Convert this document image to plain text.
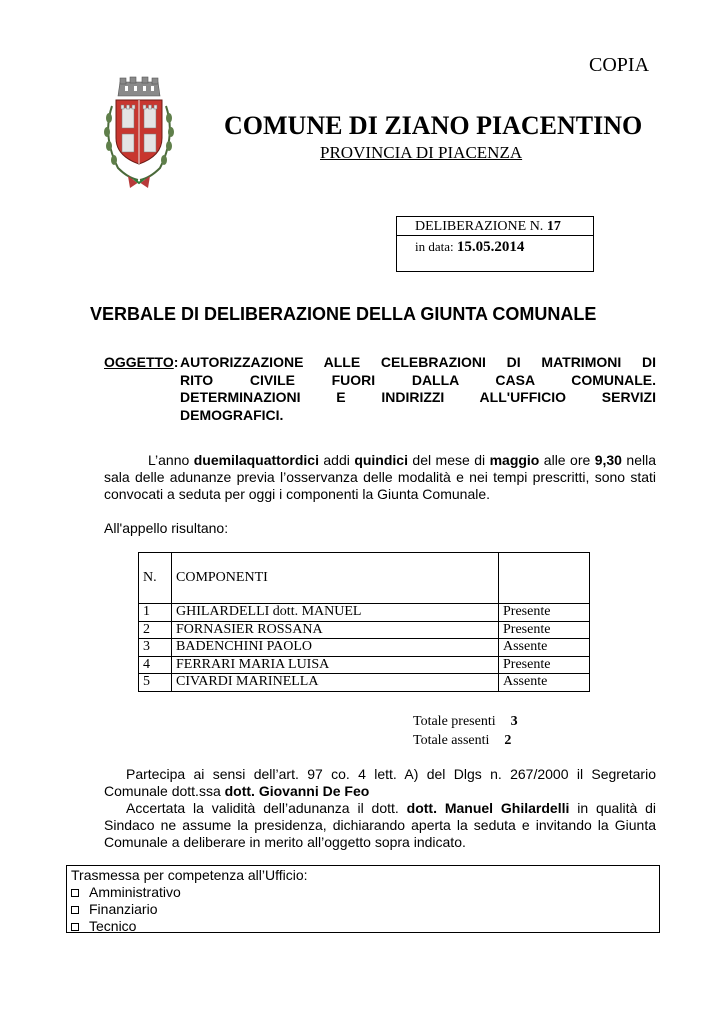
COPIA
COMUNE DI ZIANO PIACENTINO
PROVINCIA DI PIACENZA
DELIBERAZIONE N. 17
in data: 15.05.2014
VERBALE DI DELIBERAZIONE DELLA GIUNTA COMUNALE
OGGETTO: AUTORIZZAZIONE ALLE CELEBRAZIONI DI MATRIMONI DI
RITO CIVILE FUORI DALLA CASA COMUNALE.
DETERMINAZIONI E INDIRIZZI ALL'UFFICIO SERVIZI
DEMOGRAFICI.
L’anno duemilaquattordici addi quindici del mese di maggio alle ore 9,30 nella sala delle adunanze previa l’osservanza delle modalità e nei tempi prescritti, sono stati convocati a seduta per oggi i componenti la Giunta Comunale.
All'appello risultano:
N.	COMPONENTI	
1	GHILARDELLI dott. MANUEL	Presente
2	FORNASIER ROSSANA	Presente
3	BADENCHINI PAOLO	Assente
4	FERRARI MARIA LUISA	Presente
5	CIVARDI MARINELLA	Assente
Totale presenti 3
Totale assenti 2

Partecipa ai sensi dell’art. 97 co. 4 lett. A) del Dlgs n. 267/2000 il Segretario Comunale dott.ssa dott. Giovanni De Feo

Accertata la validità dell’adunanza il dott. dott. Manuel Ghilardelli in qualità di Sindaco ne assume la presidenza, dichiarando aperta la seduta e invitando la Giunta Comunale a deliberare in merito all’oggetto sopra indicato.

Trasmessa per competenza all’Ufficio:
Amministrativo
Finanziario
Tecnico
